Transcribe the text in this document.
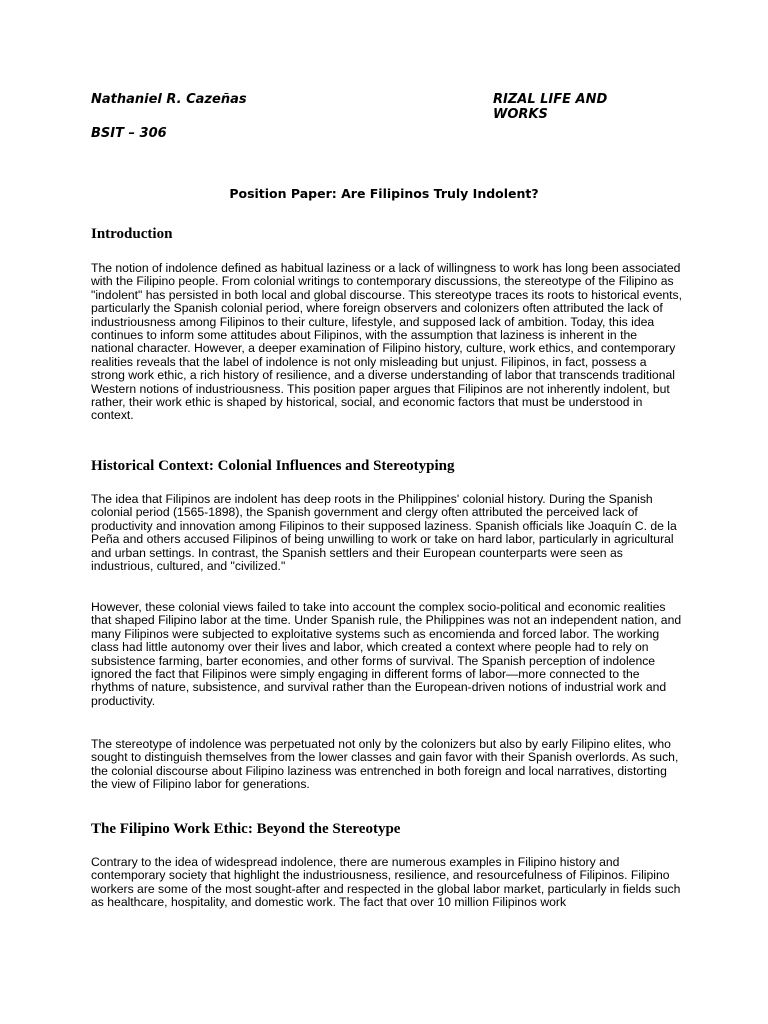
Nathaniel R. Cazeñas	RIZAL LIFE AND WORKS
BSIT – 306
Position Paper: Are Filipinos Truly Indolent?
Introduction

The notion of indolence defined as habitual laziness or a lack of willingness to work has long been associated with the Filipino people. From colonial writings to contemporary discussions, the stereotype of the Filipino as "indolent" has persisted in both local and global discourse. This stereotype traces its roots to historical events, particularly the Spanish colonial period, where foreign observers and colonizers often attributed the lack of industriousness among Filipinos to their culture, lifestyle, and supposed lack of ambition. Today, this idea continues to inform some attitudes about Filipinos, with the assumption that laziness is inherent in the national character. However, a deeper examination of Filipino history, culture, work ethics, and contemporary realities reveals that the label of indolence is not only misleading but unjust. Filipinos, in fact, possess a strong work ethic, a rich history of resilience, and a diverse understanding of labor that transcends traditional Western notions of industriousness. This position paper argues that Filipinos are not inherently indolent, but rather, their work ethic is shaped by historical, social, and economic factors that must be understood in context.

Historical Context: Colonial Influences and Stereotyping

The idea that Filipinos are indolent has deep roots in the Philippines' colonial history. During the Spanish colonial period (1565-1898), the Spanish government and clergy often attributed the perceived lack of productivity and innovation among Filipinos to their supposed laziness. Spanish officials like Joaquín C. de la Peña and others accused Filipinos of being unwilling to work or take on hard labor, particularly in agricultural and urban settings. In contrast, the Spanish settlers and their European counterparts were seen as industrious, cultured, and "civilized."

However, these colonial views failed to take into account the complex socio-political and economic realities that shaped Filipino labor at the time. Under Spanish rule, the Philippines was not an independent nation, and many Filipinos were subjected to exploitative systems such as encomienda and forced labor. The working class had little autonomy over their lives and labor, which created a context where people had to rely on subsistence farming, barter economies, and other forms of survival. The Spanish perception of indolence ignored the fact that Filipinos were simply engaging in different forms of labor—more connected to the rhythms of nature, subsistence, and survival rather than the European-driven notions of industrial work and productivity.

The stereotype of indolence was perpetuated not only by the colonizers but also by early Filipino elites, who sought to distinguish themselves from the lower classes and gain favor with their Spanish overlords. As such, the colonial discourse about Filipino laziness was entrenched in both foreign and local narratives, distorting the view of Filipino labor for generations.

The Filipino Work Ethic: Beyond the Stereotype

Contrary to the idea of widespread indolence, there are numerous examples in Filipino history and contemporary society that highlight the industriousness, resilience, and resourcefulness of Filipinos. Filipino workers are some of the most sought-after and respected in the global labor market, particularly in fields such as healthcare, hospitality, and domestic work. The fact that over 10 million Filipinos work
